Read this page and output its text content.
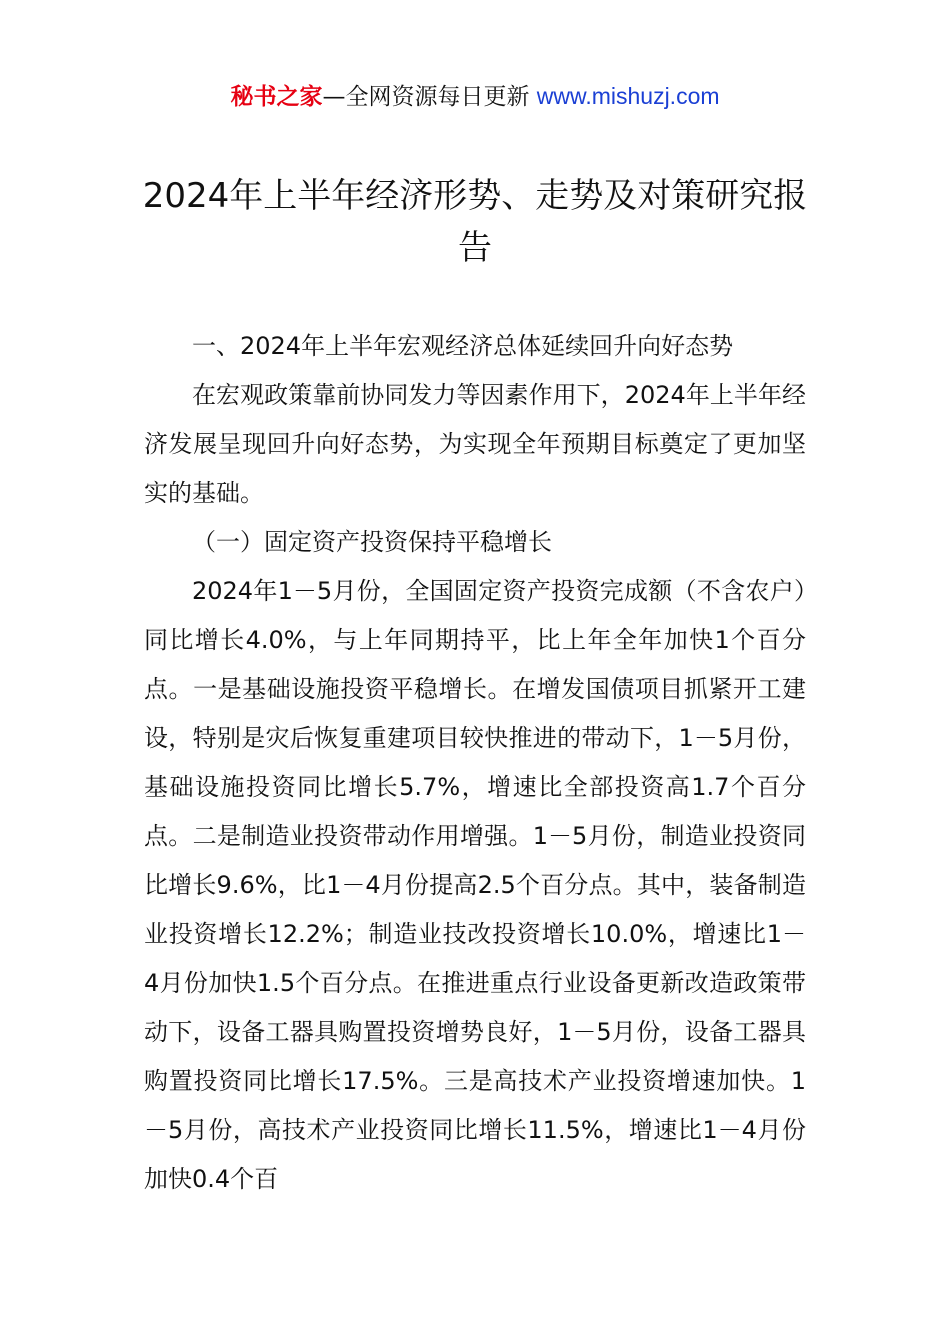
秘书之家—全网资源每日更新 www.mishuzj.com
2024年上半年经济形势、走势及对策研究报告

一、2024年上半年宏观经济总体延续回升向好态势

在宏观政策靠前协同发力等因素作用下，2024年上半年经济发展呈现回升向好态势，为实现全年预期目标奠定了更加坚实的基础。

（一）固定资产投资保持平稳增长

2024年1－5月份，全国固定资产投资完成额（不含农户）同比增长4.0%，与上年同期持平，比上年全年加快1个百分点。一是基础设施投资平稳增长。在增发国债项目抓紧开工建设，特别是灾后恢复重建项目较快推进的带动下，1－5月份，基础设施投资同比增长5.7%，增速比全部投资高1.7个百分点。二是制造业投资带动作用增强。1－5月份，制造业投资同比增长9.6%，比1－4月份提高2.5个百分点。其中，装备制造业投资增长12.2%；制造业技改投资增长10.0%，增速比1－4月份加快1.5个百分点。在推进重点行业设备更新改造政策带动下，设备工器具购置投资增势良好，1－5月份，设备工器具购置投资同比增长17.5%。三是高技术产业投资增速加快。1－5月份，高技术产业投资同比增长11.5%，增速比1－4月份加快0.4个百
